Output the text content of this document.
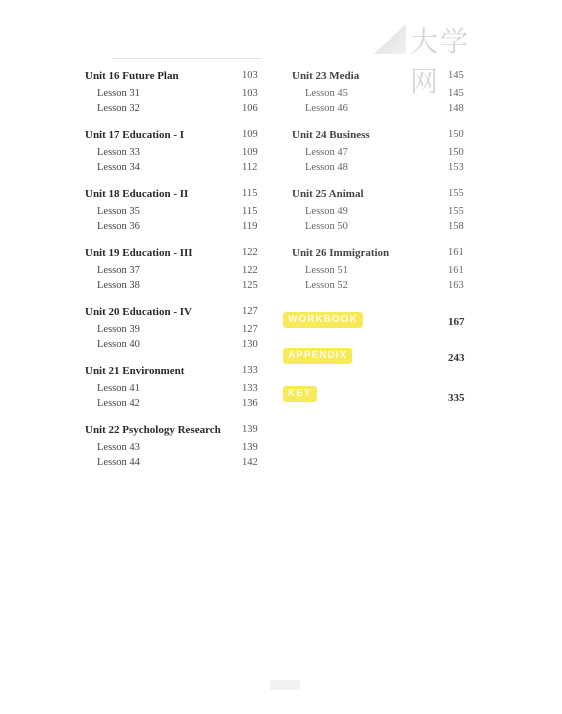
大学网
Unit 16 Future Plan	103
Lesson 31	103
Lesson 32	106
Unit 17 Education - I	109
Lesson 33	109
Lesson 34	112
Unit 18 Education - II	115
Lesson 35	115
Lesson 36	119
Unit 19 Education - III	122
Lesson 37	122
Lesson 38	125
Unit 20 Education - IV	127
Lesson 39	127
Lesson 40	130
Unit 21 Environment	133
Lesson 41	133
Lesson 42	136
Unit 22 Psychology Research 139
Lesson 43	139
Lesson 44	142
Unit 23 Media	145
Lesson 45	145
Lesson 46	148
Unit 24 Business	150
Lesson 47	150
Lesson 48	153
Unit 25 Animal	155
Lesson 49	155
Lesson 50	158
Unit 26 Immigration	161
Lesson 51	161
Lesson 52	163
WORKBOOK	167
APPENDIX	243
KEY	335
